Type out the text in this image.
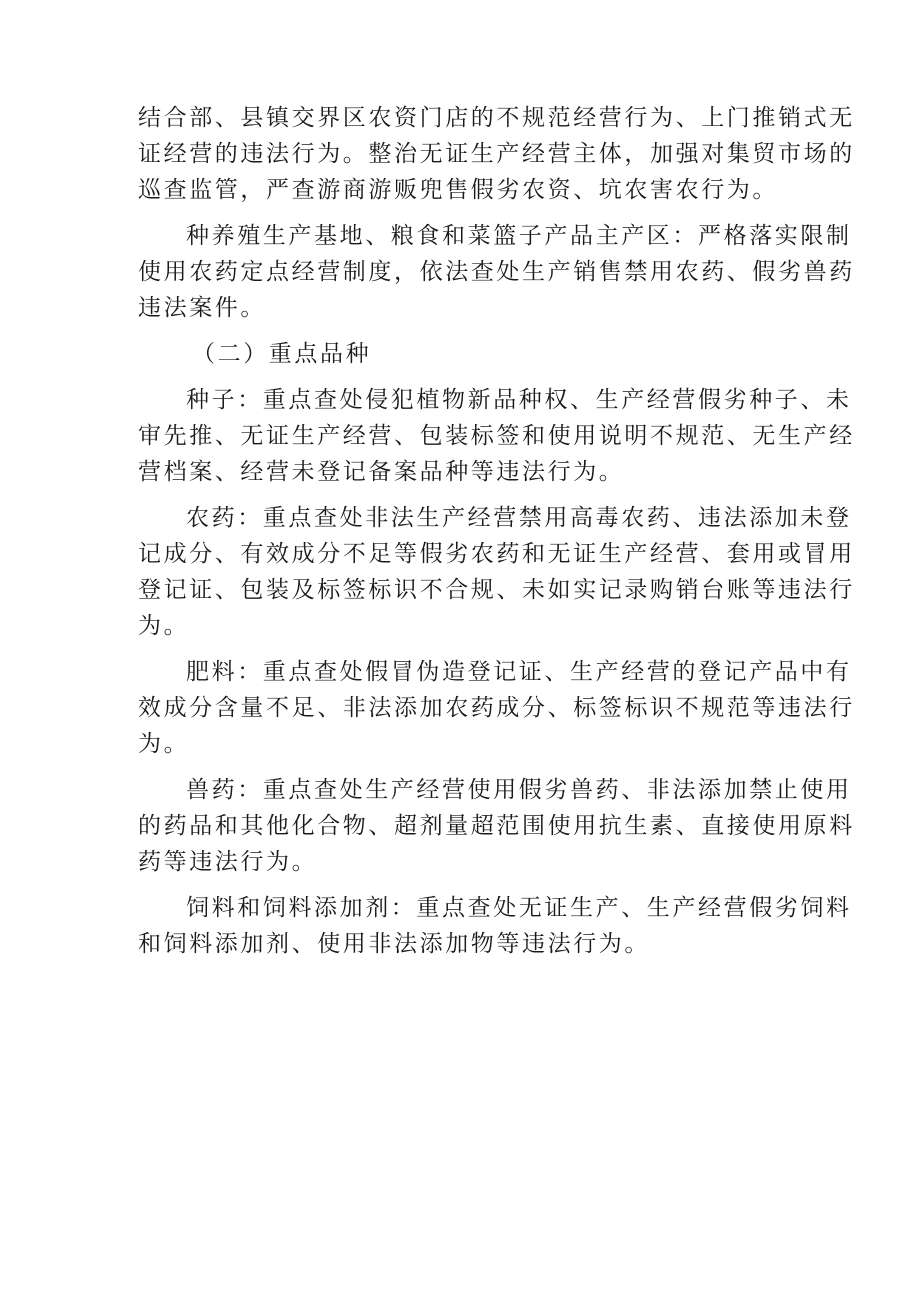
结合部、县镇交界区农资门店的不规范经营行为、上门推销式无
证经营的违法行为。整治无证生产经营主体，加强对集贸市场的
巡查监管，严查游商游贩兜售假劣农资、坑农害农行为。
种养殖生产基地、粮食和菜篮子产品主产区：严格落实限制
使用农药定点经营制度，依法查处生产销售禁用农药、假劣兽药
违法案件。
（二）重点品种
种子：重点查处侵犯植物新品种权、生产经营假劣种子、未
审先推、无证生产经营、包装标签和使用说明不规范、无生产经
营档案、经营未登记备案品种等违法行为。
农药：重点查处非法生产经营禁用高毒农药、违法添加未登
记成分、有效成分不足等假劣农药和无证生产经营、套用或冒用
登记证、包装及标签标识不合规、未如实记录购销台账等违法行
为。
肥料：重点查处假冒伪造登记证、生产经营的登记产品中有
效成分含量不足、非法添加农药成分、标签标识不规范等违法行
为。
兽药：重点查处生产经营使用假劣兽药、非法添加禁止使用
的药品和其他化合物、超剂量超范围使用抗生素、直接使用原料
药等违法行为。
饲料和饲料添加剂：重点查处无证生产、生产经营假劣饲料
和饲料添加剂、使用非法添加物等违法行为。
